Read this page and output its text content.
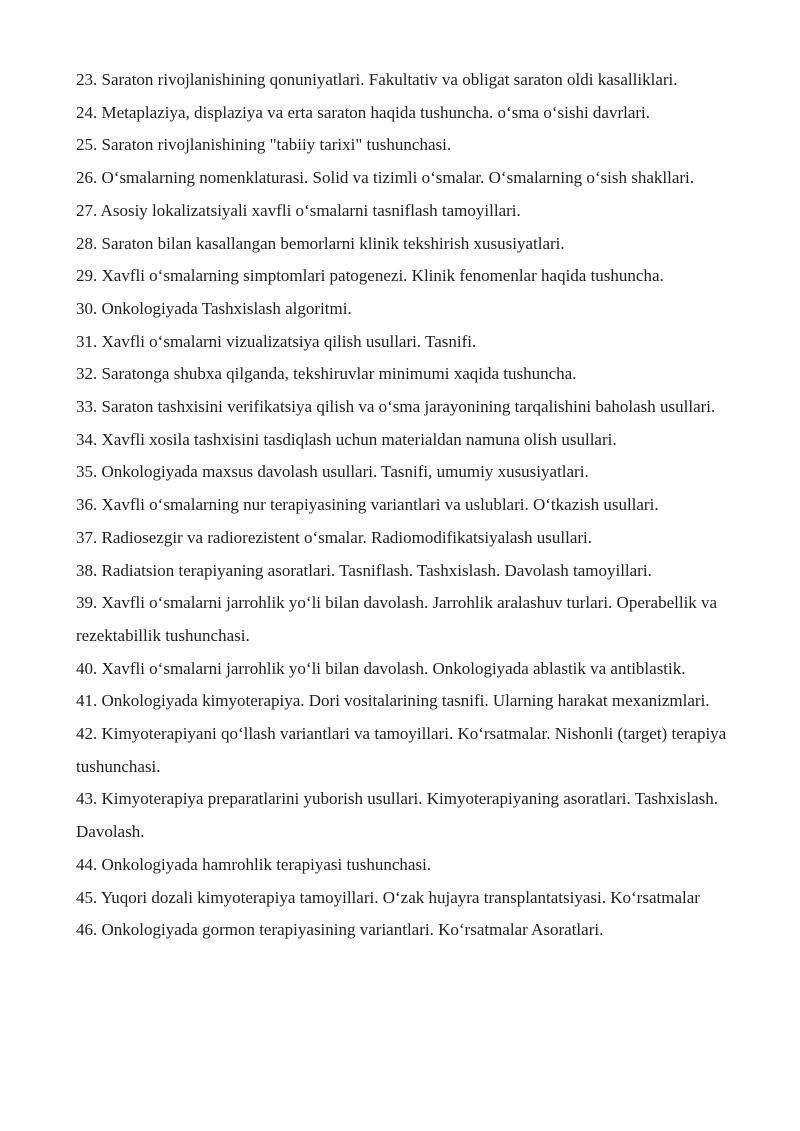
23. Saraton rivojlanishining qonuniyatlari. Fakultativ va obligat saraton oldi kasalliklari.
24. Metaplaziya, displaziya va erta saraton haqida tushuncha. oʻsma oʻsishi davrlari.
25. Saraton rivojlanishining "tabiiy tarixi" tushunchasi.
26. Oʻsmalarning nomenklaturasi. Solid va tizimli oʻsmalar. Oʻsmalarning oʻsish shakllari.
27. Asosiy lokalizatsiyali xavfli oʻsmalarni tasniflash tamoyillari.
28. Saraton bilan kasallangan bemorlarni klinik tekshirish xususiyatlari.
29. Xavfli oʻsmalarning simptomlari patogenezi. Klinik fenomenlar haqida tushuncha.
30. Onkologiyada Tashxislash algoritmi.
31. Xavfli oʻsmalarni vizualizatsiya qilish usullari. Tasnifi.
32. Saratonga shubxa qilganda, tekshiruvlar minimumi xaqida tushuncha.
33. Saraton tashxisini verifikatsiya qilish va oʻsma jarayonining tarqalishini baholash usullari.
34. Xavfli xosila tashxisini tasdiqlash uchun materialdan namuna olish usullari.
35. Onkologiyada maxsus davolash usullari. Tasnifi, umumiy xususiyatlari.
36. Xavfli oʻsmalarning nur terapiyasining variantlari va uslublari. Oʻtkazish usullari.
37. Radiosezgir va radiorezistent oʻsmalar. Radiomodifikatsiyalash usullari.
38. Radiatsion terapiyaning asoratlari. Tasniflash. Tashxislash. Davolash tamoyillari.
39. Xavfli oʻsmalarni jarrohlik yoʻli bilan davolash. Jarrohlik aralashuv turlari. Operabellik va rezektabillik tushunchasi.
40. Xavfli oʻsmalarni jarrohlik yoʻli bilan davolash. Onkologiyada ablastik va antiblastik.
41. Onkologiyada kimyoterapiya. Dori vositalarining tasnifi. Ularning harakat mexanizmlari.
42. Kimyoterapiyani qoʻllash variantlari va tamoyillari. Koʻrsatmalar. Nishonli (target) terapiya tushunchasi.
43. Kimyoterapiya preparatlarini yuborish usullari. Kimyoterapiyaning asoratlari. Tashxislash. Davolash.
44. Onkologiyada hamrohlik terapiyasi tushunchasi.
45. Yuqori dozali kimyoterapiya tamoyillari. Oʻzak hujayra transplantatsiyasi. Koʻrsatmalar
46. Onkologiyada gormon terapiyasining variantlari. Koʻrsatmalar Asoratlari.
